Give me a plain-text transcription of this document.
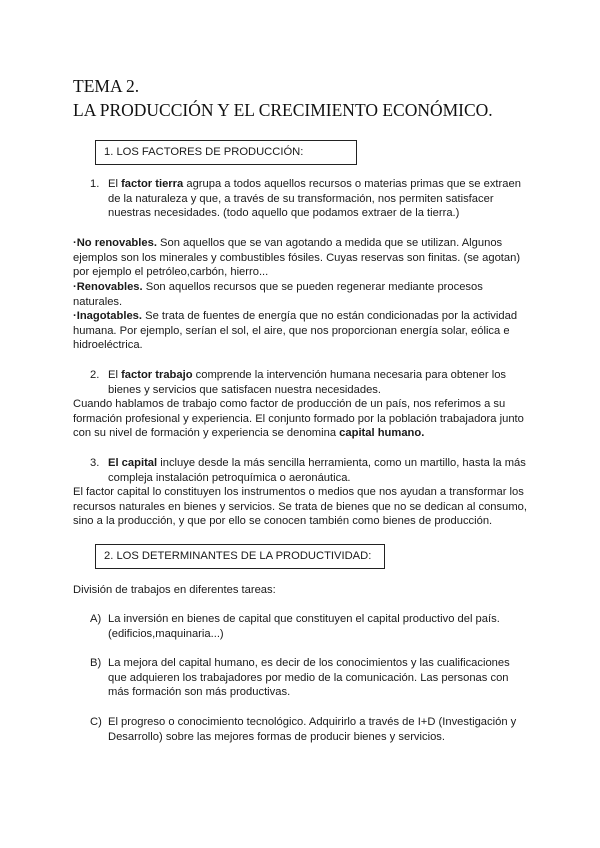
TEMA 2.
LA PRODUCCIÓN Y EL CRECIMIENTO ECONÓMICO.
1. LOS FACTORES DE PRODUCCIÓN:
1. El factor tierra agrupa a todos aquellos recursos o materias primas que se extraen
de la naturaleza y que, a través de su transformación, nos permiten satisfacer
nuestras necesidades. (todo aquello que podamos extraer de la tierra.)

·No renovables. Son aquellos que se van agotando a medida que se utilizan. Algunos
ejemplos son los minerales y combustibles fósiles. Cuyas reservas son finitas. (se agotan)
por ejemplo el petróleo,carbón, hierro...

·Renovables. Son aquellos recursos que se pueden regenerar mediante procesos
naturales.

·Inagotables. Se trata de fuentes de energía que no están condicionadas por la actividad
humana. Por ejemplo, serían el sol, el aire, que nos proporcionan energía solar, eólica e
hidroeléctrica.

2. El factor trabajo comprende la intervención humana necesaria para obtener los
bienes y servicios que satisfacen nuestra necesidades.

Cuando hablamos de trabajo como factor de producción de un país, nos referimos a su
formación profesional y experiencia. El conjunto formado por la población trabajadora junto
con su nivel de formación y experiencia se denomina capital humano.

3. El capital incluye desde la más sencilla herramienta, como un martillo, hasta la más
compleja instalación petroquímica o aeronáutica.

El factor capital lo constituyen los instrumentos o medios que nos ayudan a transformar los
recursos naturales en bienes y servicios. Se trata de bienes que no se dedican al consumo,
sino a la producción, y que por ello se conocen también como bienes de producción.

2. LOS DETERMINANTES DE LA PRODUCTIVIDAD:

División de trabajos en diferentes tareas:

A) La inversión en bienes de capital que constituyen el capital productivo del país.
(edificios,maquinaria...)

B) La mejora del capital humano, es decir de los conocimientos y las cualificaciones
que adquieren los trabajadores por medio de la comunicación. Las personas con
más formación son más productivas.

C) El progreso o conocimiento tecnológico. Adquirirlo a través de I+D (Investigación y
Desarrollo) sobre las mejores formas de producir bienes y servicios.
